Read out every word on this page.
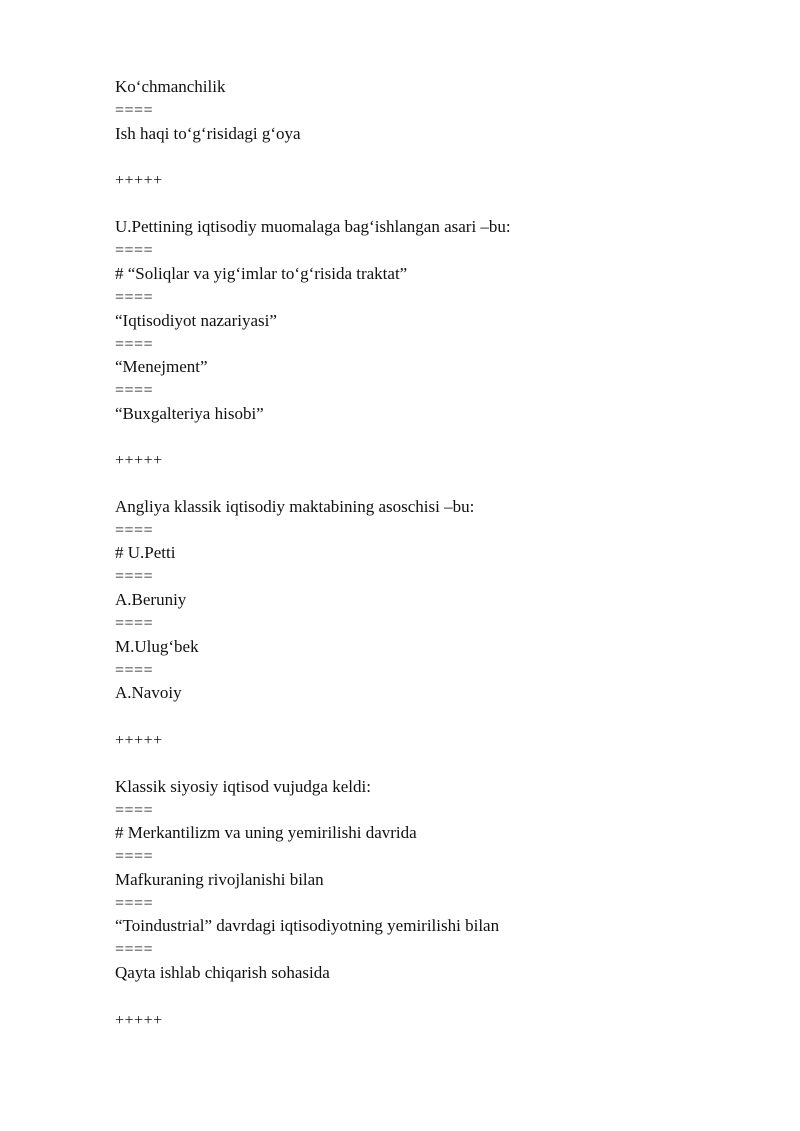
Ko‘chmanchilik
====
Ish haqi to‘g‘risidagi g‘oya
+++++
U.Pettining iqtisodiy muomalaga bag‘ishlangan asari –bu:
====
# “Soliqlar va yig‘imlar to‘g‘risida traktat”
====
“Iqtisodiyot nazariyasi”
====
“Menejment”
====
“Buxgalteriya hisobi”
+++++
Angliya klassik iqtisodiy maktabining asoschisi –bu:
====
# U.Petti
====
A.Beruniy
====
M.Ulug‘bek
====
A.Navoiy
+++++
Klassik siyosiy iqtisod vujudga keldi:
====
# Merkantilizm va uning yemirilishi davrida
====
Mafkuraning rivojlanishi bilan
====
“Toindustrial” davrdagi iqtisodiyotning yemirilishi bilan
====
Qayta ishlab chiqarish sohasida
+++++
